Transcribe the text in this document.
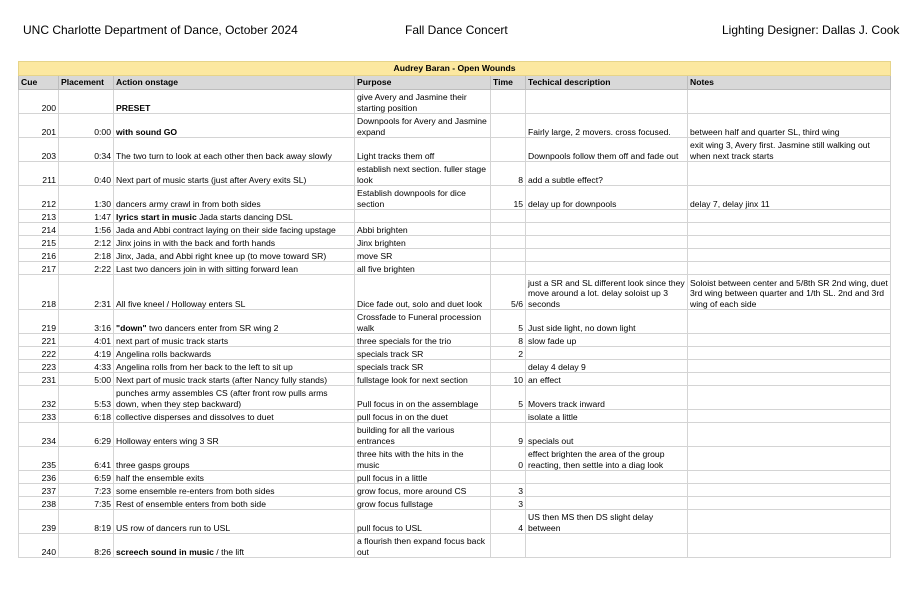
UNC Charlotte Department of Dance, October 2024	Fall Dance Concert	Lighting Designer: Dallas J. Cook
Audrey Baran - Open Wounds						
Cue	Placement	Action onstage	Purpose	Time	Techical description	Notes
200		PRESET	give Avery and Jasmine their starting position			
201	0:00	with sound GO	Downpools for Avery and Jasmine expand		Fairly large, 2 movers. cross focused.	between half and quarter SL, third wing
203	0:34	The two turn to look at each other then back away slowly	Light tracks them off		Downpools follow them off and fade out	exit wing 3, Avery first. Jasmine still walking out when next track starts
211	0:40	Next part of music starts (just after Avery exits SL)	establish next section. fuller stage look	8	add a subtle effect?	
212	1:30	dancers army crawl in from both sides	Establish downpools for dice section	15	delay up for downpools	delay 7, delay jinx 11
213	1:47	lyrics start in music Jada starts dancing DSL				
214	1:56	Jada and Abbi contract laying on their side facing upstage	Abbi brighten			
215	2:12	Jinx joins in with the back and forth hands	Jinx brighten			
216	2:18	Jinx, Jada, and Abbi right knee up (to move toward SR)	move SR			
217	2:22	Last two dancers join in with sitting forward lean	all five brighten			
218	2:31	All five kneel / Holloway enters SL	Dice fade out, solo and duet look	5/6	just a SR and SL different look since they move around a lot. delay soloist up 3 seconds	Soloist between center and 5/8th SR 2nd wing, duet 3rd wing between quarter and 1/th SL. 2nd and 3rd wing of each side
219	3:16	"down" two dancers enter from SR wing 2	Crossfade to Funeral procession walk	5	Just side light, no down light	
221	4:01	next part of music track starts	three specials for the trio	8	slow fade up	
222	4:19	Angelina rolls backwards	specials track SR	2		
223	4:33	Angelina rolls from her back to the left to sit up	specials track SR		delay 4 delay 9	
231	5:00	Next part of music track starts (after Nancy fully stands)	fullstage look for next section	10	an effect	
232	5:53	punches army assembles CS (after front row pulls arms down, when they step backward)	Pull focus in on the assemblage	5	Movers track inward	
233	6:18	collective disperses and dissolves to duet	pull focus in on the duet		isolate a little	
234	6:29	Holloway enters wing 3 SR	building for all the various entrances	9	specials out	
235	6:41	three gasps groups	three hits with the hits in the music	0	effect brighten the area of the group reacting, then settle into a diag look	
236	6:59	half the ensemble exits	pull focus in a little			
237	7:23	some ensemble re-enters from both sides	grow focus, more around CS	3		
238	7:35	Rest of ensemble enters from both side	grow focus fullstage	3		
239	8:19	US row of dancers run to USL	pull focus to USL	4	US then MS then DS slight delay between	
240	8:26	screech sound in music / the lift	a flourish then expand focus back out			
